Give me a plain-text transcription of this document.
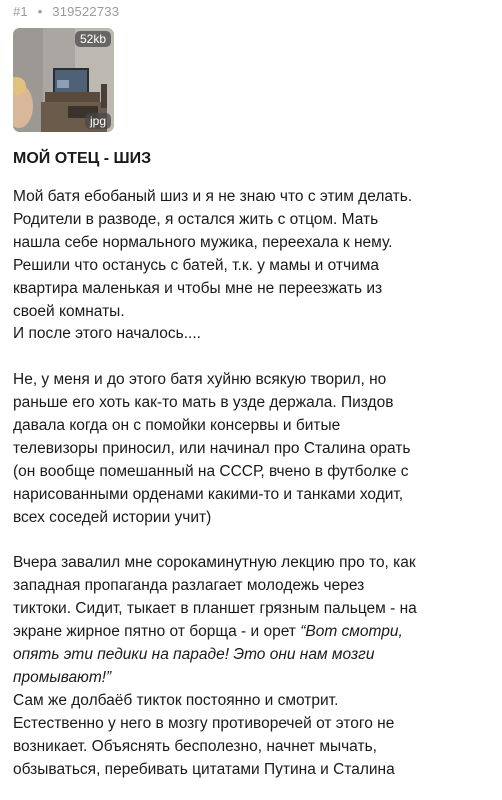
#1 • 319522733
52kb
jpg
МОЙ ОТЕЦ - ШИЗ

Мой батя ебобаный шиз и я не знаю что с этим делать.
Родители в разводе, я остался жить с отцом. Мать
нашла себе нормального мужика, переехала к нему.
Решили что останусь с батей, т.к. у мамы и отчима
квартира маленькая и чтобы мне не переезжать из
своей комнаты.
И после этого началось....

Не, у меня и до этого батя хуйню всякую творил, но
раньше его хоть как-то мать в узде держала. Пиздов
давала когда он с помойки консервы и битые
телевизоры приносил, или начинал про Сталина орать
(он вообще помешанный на СССР, вчено в футболке с
нарисованными орденами какими-то и танками ходит,
всех соседей истории учит)

Вчера завалил мне сорокаминутную лекцию про то, как
западная пропаганда разлагает молодежь через
тиктоки. Сидит, тыкает в планшет грязным пальцем - на
экране жирное пятно от борща - и орет “Вот смотри,
опять эти педики на параде! Это они нам мозги
промывают!”
Сам же долбаёб тикток постоянно и смотрит.
Естественно у него в мозгу противоречей от этого не
возникает. Объяснять бесполезно, начнет мычать,
обзываться, перебивать цитатами Путина и Сталина
